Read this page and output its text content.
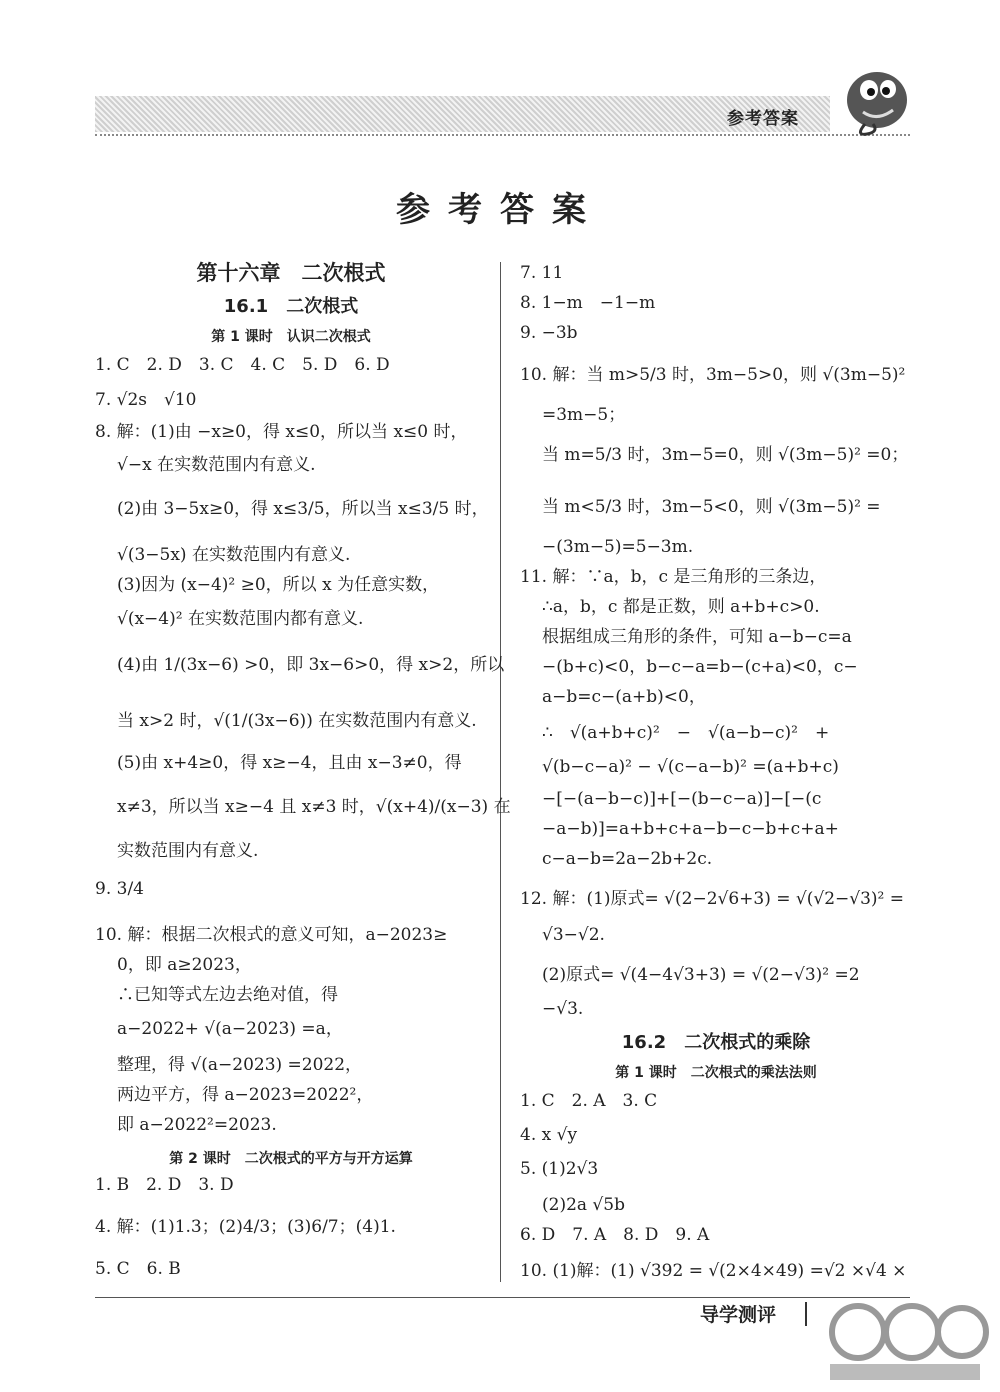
参考答案
参考答案
第十六章　二次根式
16.1　二次根式
第 1 课时　认识二次根式
1. C　2. D　3. C　4. C　5. D　6. D
7. √2s　√10
8. 解：(1)由 −x≥0，得 x≤0，所以当 x≤0 时，
√−x 在实数范围内有意义.
(2)由 3−5x≥0，得 x≤3/5，所以当 x≤3/5 时，
√(3−5x) 在实数范围内有意义.
(3)因为 (x−4)² ≥0，所以 x 为任意实数，
√(x−4)² 在实数范围内都有意义.
(4)由 1/(3x−6) >0，即 3x−6>0，得 x>2，所以
当 x>2 时，√(1/(3x−6)) 在实数范围内有意义.
(5)由 x+4≥0，得 x≥−4，且由 x−3≠0，得
x≠3，所以当 x≥−4 且 x≠3 时，√(x+4)/(x−3) 在
实数范围内有意义.
9. 3/4
10. 解：根据二次根式的意义可知，a−2023≥
0，即 a≥2023，
∴已知等式左边去绝对值，得
a−2022+ √(a−2023) =a，
整理，得 √(a−2023) =2022，
两边平方，得 a−2023=2022²，
即 a−2022²=2023.
第 2 课时　二次根式的平方与开方运算
1. B　2. D　3. D
4. 解：(1)1.3；(2)4/3；(3)6/7；(4)1.
5. C　6. B
7. 11
8. 1−m　−1−m
9. −3b
10. 解：当 m>5/3 时，3m−5>0，则 √(3m−5)²
=3m−5；
当 m=5/3 时，3m−5=0，则 √(3m−5)² =0；
当 m<5/3 时，3m−5<0，则 √(3m−5)² =
−(3m−5)=5−3m.
11. 解：∵a，b，c 是三角形的三条边，
∴a，b，c 都是正数，则 a+b+c>0.
根据组成三角形的条件，可知 a−b−c=a
−(b+c)<0，b−c−a=b−(c+a)<0，c−
a−b=c−(a+b)<0，
∴　√(a+b+c)²　−　√(a−b−c)²　+
√(b−c−a)² − √(c−a−b)² =(a+b+c)
−[−(a−b−c)]+[−(b−c−a)]−[−(c
−a−b)]=a+b+c+a−b−c−b+c+a+
c−a−b=2a−2b+2c.
12. 解：(1)原式= √(2−2√6+3) = √(√2−√3)² =
√3−√2.
(2)原式= √(4−4√3+3) = √(2−√3)² =2
−√3.
16.2　二次根式的乘除
第 1 课时　二次根式的乘法法则
1. C　2. A　3. C
4. x √y
5. (1)2√3
(2)2a √5b
6. D　7. A　8. D　9. A
10. (1)解：(1) √392 = √(2×4×49) =√2 ×√4 ×
导学测评
